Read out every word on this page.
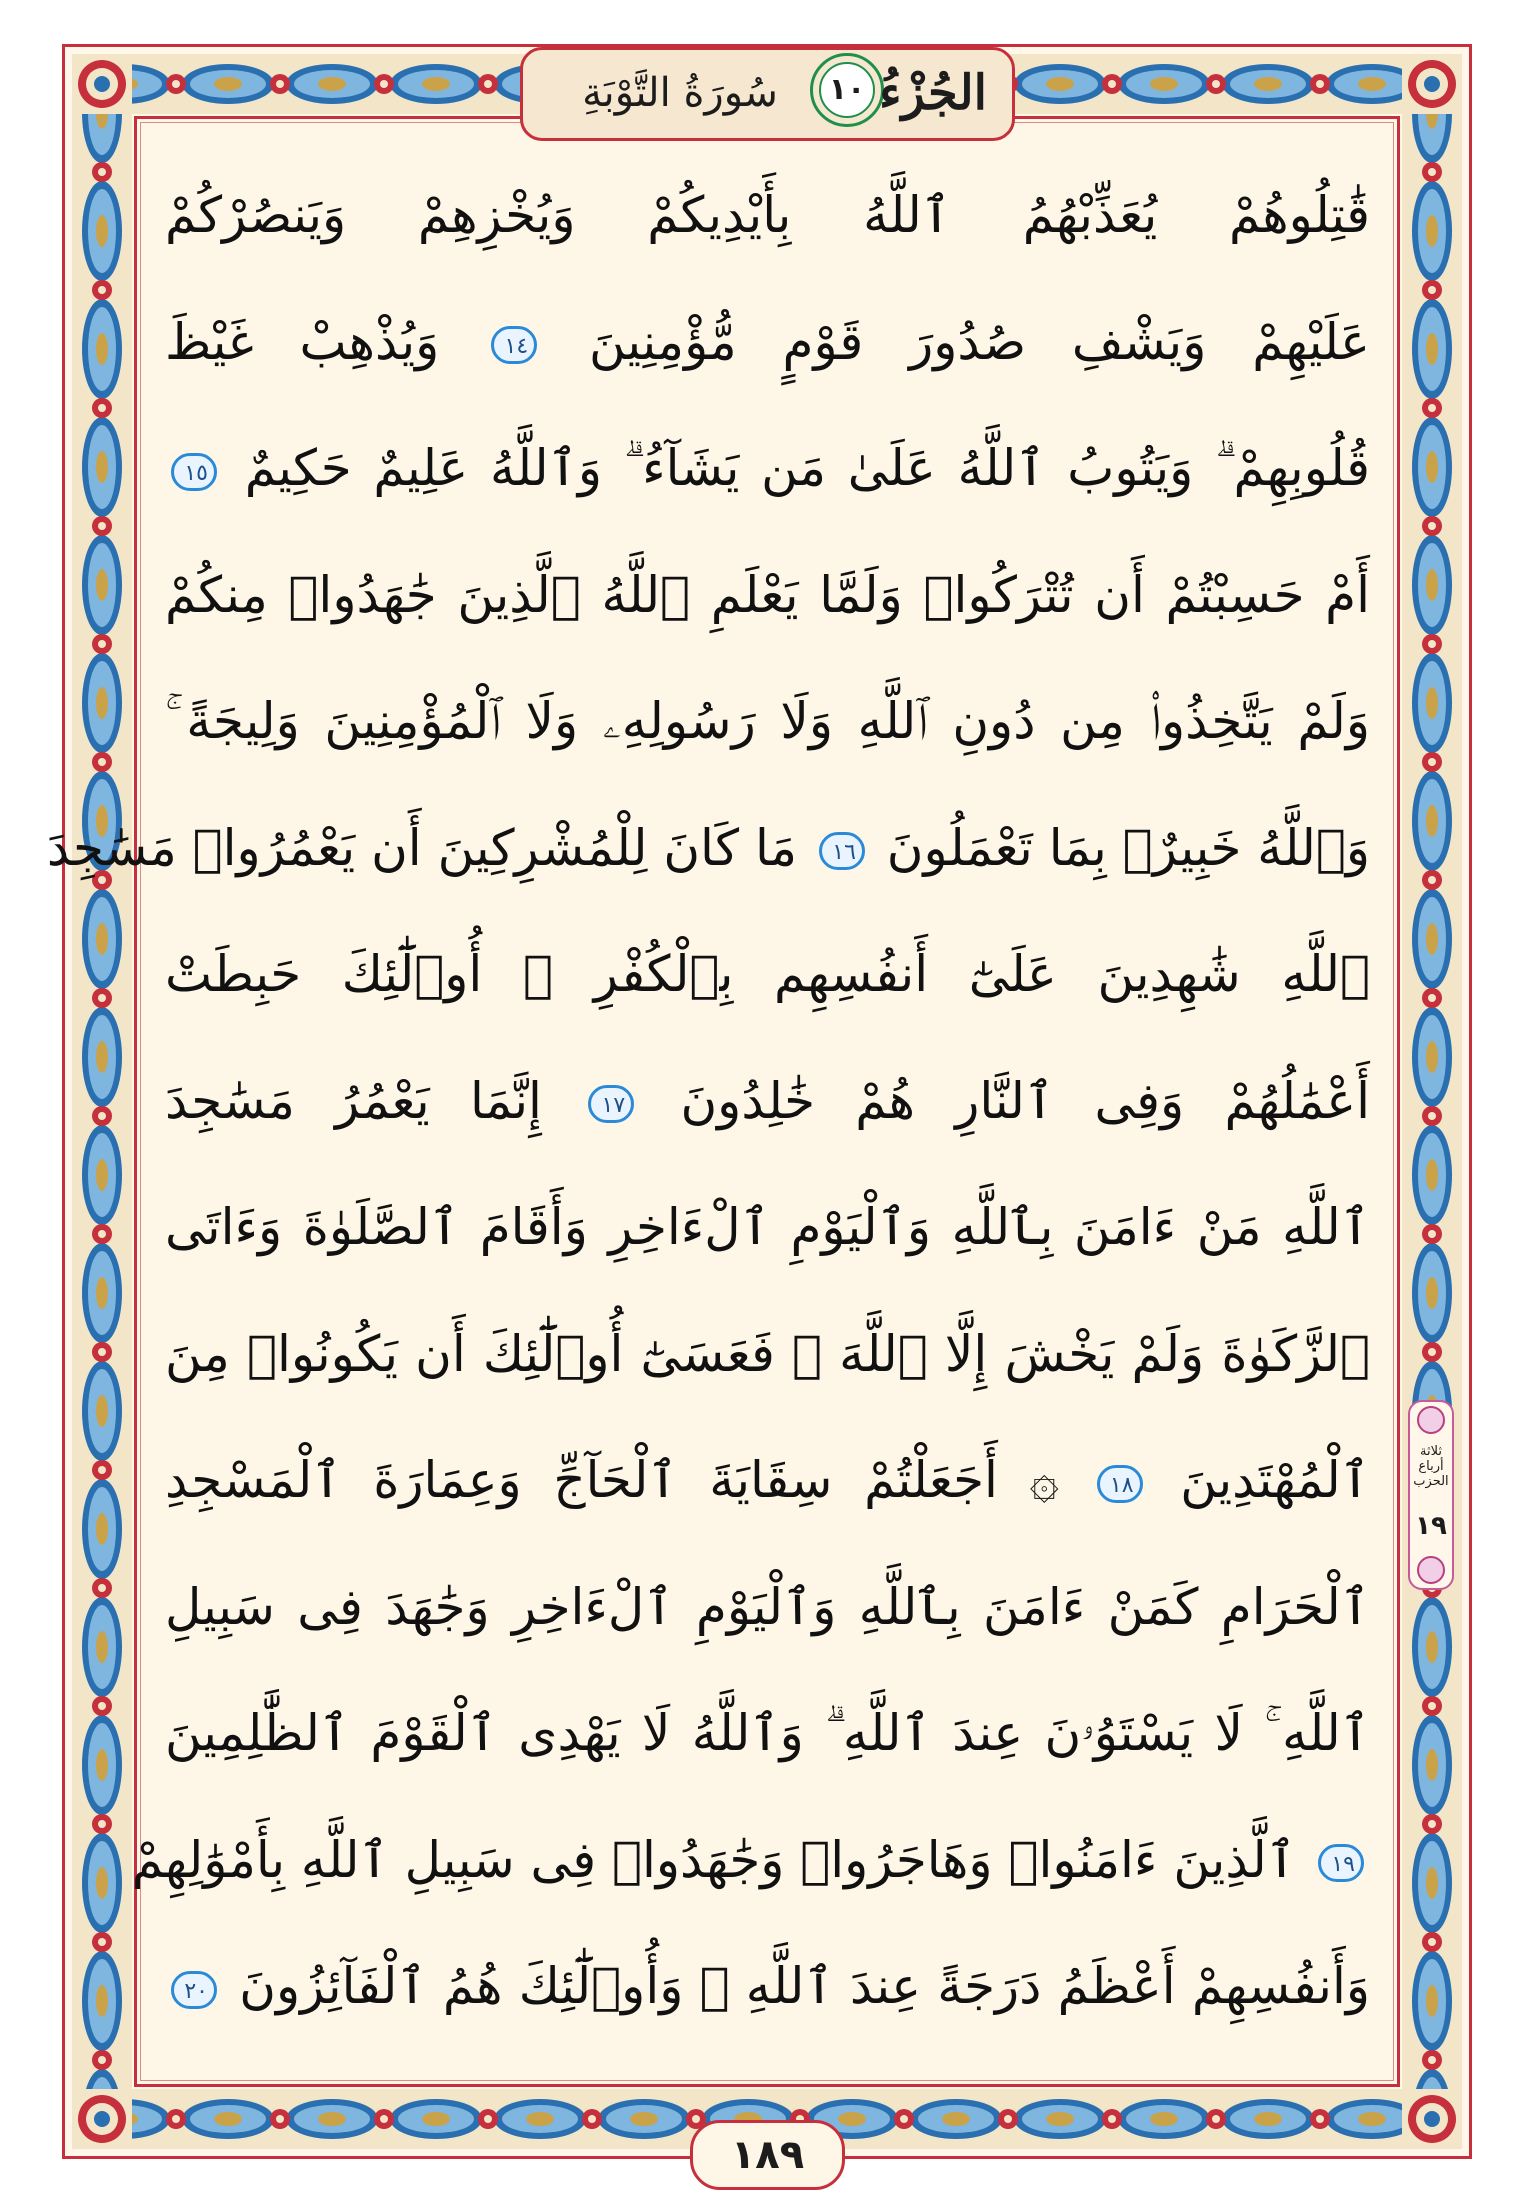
سُورَةُ التَّوْبَةِ	١٠ الجُزْءُ
قَٰتِلُوهُمْ يُعَذِّبْهُمُ ٱللَّهُ بِأَيْدِيكُمْ وَيُخْزِهِمْ وَيَنصُرْكُمْ
عَلَيْهِمْ وَيَشْفِ صُدُورَ قَوْمٍ مُّؤْمِنِينَ ١٤ وَيُذْهِبْ غَيْظَ
قُلُوبِهِمْ ۗ وَيَتُوبُ ٱللَّهُ عَلَىٰ مَن يَشَآءُ ۗ وَٱللَّهُ عَلِيمٌ حَكِيمٌ ١٥
أَمْ حَسِبْتُمْ أَن تُتْرَكُوا۟ وَلَمَّا يَعْلَمِ ٱللَّهُ ٱلَّذِينَ جَٰهَدُوا۟ مِنكُمْ
وَلَمْ يَتَّخِذُوا۟ مِن دُونِ ٱللَّهِ وَلَا رَسُولِهِۦ وَلَا ٱلْمُؤْمِنِينَ وَلِيجَةً ۚ
وَٱللَّهُ خَبِيرٌۢ بِمَا تَعْمَلُونَ ١٦ مَا كَانَ لِلْمُشْرِكِينَ أَن يَعْمُرُوا۟ مَسَٰجِدَ
ٱللَّهِ شَٰهِدِينَ عَلَىٰٓ أَنفُسِهِم بِٱلْكُفْرِ ۚ أُو۟لَٰٓئِكَ حَبِطَتْ
أَعْمَٰلُهُمْ وَفِى ٱلنَّارِ هُمْ خَٰلِدُونَ ١٧ إِنَّمَا يَعْمُرُ مَسَٰجِدَ
ٱللَّهِ مَنْ ءَامَنَ بِٱللَّهِ وَٱلْيَوْمِ ٱلْءَاخِرِ وَأَقَامَ ٱلصَّلَوٰةَ وَءَاتَى
ٱلزَّكَوٰةَ وَلَمْ يَخْشَ إِلَّا ٱللَّهَ ۖ فَعَسَىٰٓ أُو۟لَٰٓئِكَ أَن يَكُونُوا۟ مِنَ
ٱلْمُهْتَدِينَ ١٨ ۞ أَجَعَلْتُمْ سِقَايَةَ ٱلْحَآجِّ وَعِمَارَةَ ٱلْمَسْجِدِ
ٱلْحَرَامِ كَمَنْ ءَامَنَ بِٱللَّهِ وَٱلْيَوْمِ ٱلْءَاخِرِ وَجَٰهَدَ فِى سَبِيلِ
ٱللَّهِ ۚ لَا يَسْتَوُۥنَ عِندَ ٱللَّهِ ۗ وَٱللَّهُ لَا يَهْدِى ٱلْقَوْمَ ٱلظَّٰلِمِينَ
١٩ ٱلَّذِينَ ءَامَنُوا۟ وَهَاجَرُوا۟ وَجَٰهَدُوا۟ فِى سَبِيلِ ٱللَّهِ بِأَمْوَٰلِهِمْ
وَأَنفُسِهِمْ أَعْظَمُ دَرَجَةً عِندَ ٱللَّهِ ۚ وَأُو۟لَٰٓئِكَ هُمُ ٱلْفَآئِزُونَ ٢٠
ثلاثة أرباع الحزب
١٩
١٨٩
